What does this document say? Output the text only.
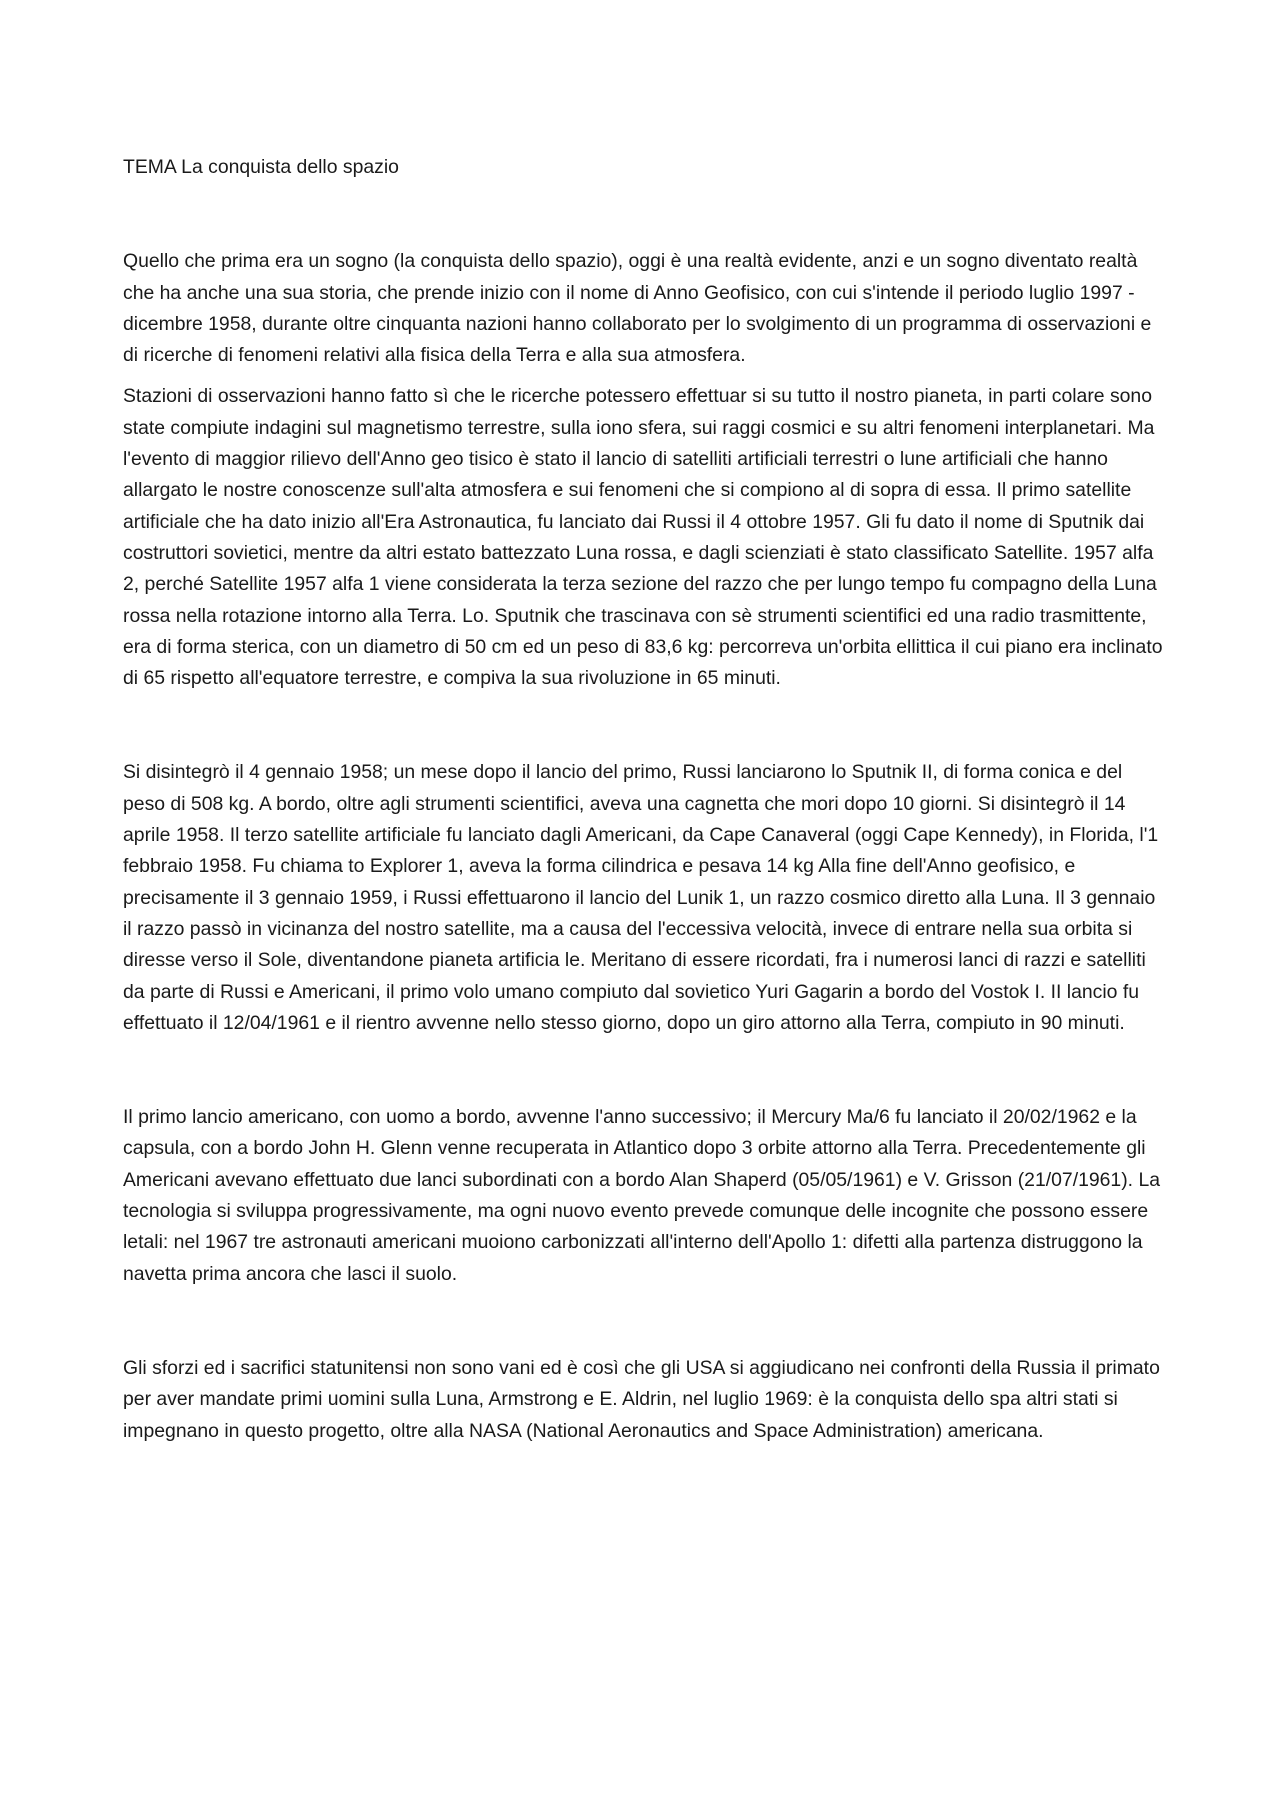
TEMA La conquista dello spazio

Quello che prima era un sogno (la conquista dello spazio), oggi è una realtà evidente, anzi e un sogno diventato realtà che ha anche una sua storia, che prende inizio con il nome di Anno Geofisico, con cui s'intende il periodo luglio 1997 - dicembre 1958, durante oltre cinquanta nazioni hanno collaborato per lo svolgimento di un programma di osservazioni e di ricerche di fenomeni relativi alla fisica della Terra e alla sua atmosfera.

Stazioni di osservazioni hanno fatto sì che le ricerche potessero effettuar si su tutto il nostro pianeta, in parti colare sono state compiute indagini sul magnetismo terrestre, sulla iono sfera, sui raggi cosmici e su altri fenomeni interplanetari. Ma l'evento di maggior rilievo dell'Anno geo tisico è stato il lancio di satelliti artificiali terrestri o lune artificiali che hanno allargato le nostre conoscenze sull'alta atmosfera e sui fenomeni che si compiono al di sopra di essa. Il primo satellite artificiale che ha dato inizio all'Era Astronautica, fu lanciato dai Russi il 4 ottobre 1957. Gli fu dato il nome di Sputnik dai costruttori sovietici, mentre da altri estato battezzato Luna rossa, e dagli scienziati è stato classificato Satellite. 1957 alfa 2, perché Satellite 1957 alfa 1 viene considerata la terza sezione del razzo che per lungo tempo fu compagno della Luna rossa nella rotazione intorno alla Terra. Lo. Sputnik che trascinava con sè strumenti scientifici ed una radio trasmittente, era di forma sterica, con un diametro di 50 cm ed un peso di 83,6 kg: percorreva un'orbita ellittica il cui piano era inclinato di 65 rispetto all'equatore terrestre, e compiva la sua rivoluzione in 65 minuti.

Si disintegrò il 4 gennaio 1958; un mese dopo il lancio del primo, Russi lanciarono lo Sputnik II, di forma conica e del peso di 508 kg. A bordo, oltre agli strumenti scientifici, aveva una cagnetta che mori dopo 10 giorni. Si disintegrò il 14 aprile 1958. Il terzo satellite artificiale fu lanciato dagli Americani, da Cape Canaveral (oggi Cape Kennedy), in Florida, l'1 febbraio 1958. Fu chiama to Explorer 1, aveva la forma cilindrica e pesava 14 kg Alla fine dell'Anno geofisico, e precisamente il 3 gennaio 1959, i Russi effettuarono il lancio del Lunik 1, un razzo cosmico diretto alla Luna. Il 3 gennaio il razzo passò in vicinanza del nostro satellite, ma a causa del l'eccessiva velocità, invece di entrare nella sua orbita si diresse verso il Sole, diventandone pianeta artificia le. Meritano di essere ricordati, fra i numerosi lanci di razzi e satelliti da parte di Russi e Americani, il primo volo umano compiuto dal sovietico Yuri Gagarin a bordo del Vostok I. II lancio fu effettuato il 12/04/1961 e il rientro avvenne nello stesso giorno, dopo un giro attorno alla Terra, compiuto in 90 minuti.

Il primo lancio americano, con uomo a bordo, avvenne l'anno successivo; il Mercury Ma/6 fu lanciato il 20/02/1962 e la capsula, con a bordo John H. Glenn venne recuperata in Atlantico dopo 3 orbite attorno alla Terra. Precedentemente gli Americani avevano effettuato due lanci subordinati con a bordo Alan Shaperd (05/05/1961) e V. Grisson (21/07/1961). La tecnologia si sviluppa progressivamente, ma ogni nuovo evento prevede comunque delle incognite che possono essere letali: nel 1967 tre astronauti americani muoiono carbonizzati all'interno dell'Apollo 1: difetti alla partenza distruggono la navetta prima ancora che lasci il suolo.

Gli sforzi ed i sacrifici statunitensi non sono vani ed è così che gli USA si aggiudicano nei confronti della Russia il primato per aver mandate primi uomini sulla Luna, Armstrong e E. Aldrin, nel luglio 1969: è la conquista dello spa altri stati si impegnano in questo progetto, oltre alla NASA (National Aeronautics and Space Administration) americana.
